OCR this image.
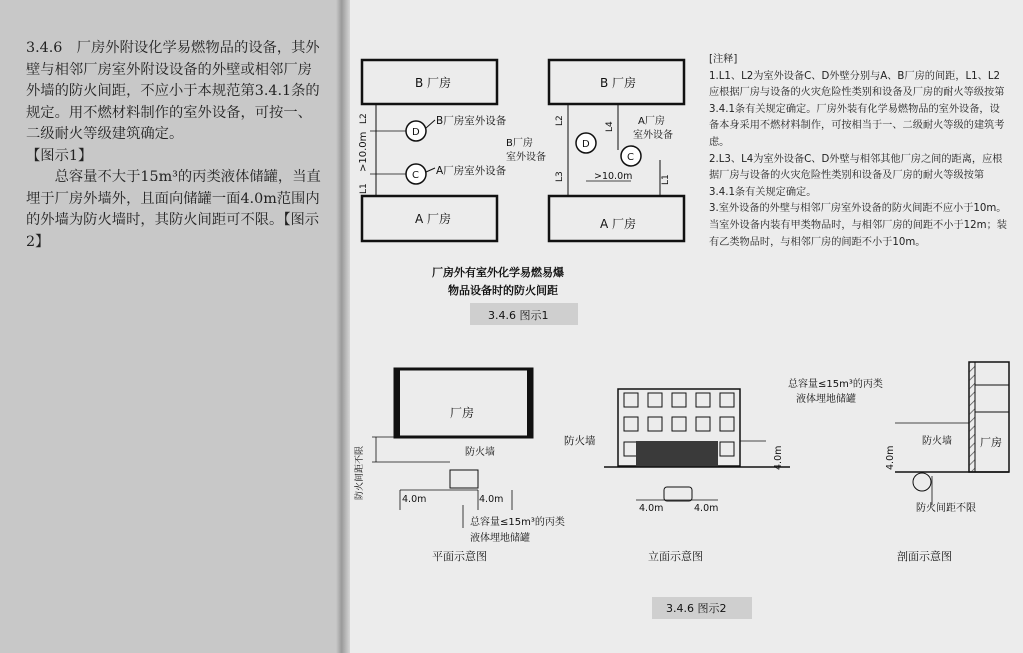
3.4.6　厂房外附设化学易燃物品的设备，其外壁与相邻厂房室外附设设备的外壁或相邻厂房外墙的防火间距，不应小于本规范第3.4.1条的规定。用不燃材料制作的室外设备，可按一、二级耐火等级建筑确定。

【图示1】

总容量不大于15m³的丙类液体储罐，当直埋于厂房外墙外，且面向储罐一面4.0m范围内的外墙为防火墙时，其防火间距可不限。【图示2】

B 厂房
A 厂房
L2
>10.0m
L1
D
C
B厂房室外设备
A厂房室外设备
B 厂房
A 厂房
L2
L4
L3	L1
D
C
>10.0m
B厂房
室外设备
A厂房
室外设备
厂房外有室外化学易燃易爆
物品设备时的防火间距
3.4.6 图示1
厂房
防火间距不限	4.0m	4.0m
防火墙
总容量≤15m³的丙类
液体埋地储罐
平面示意图
防火墙
4.0m
4.0m	4.0m
立面示意图
厂房
防火墙
4.0m
总容量≤15m³的丙类
液体埋地储罐
防火间距不限
剖面示意图
3.4.6 图示2

[注释]

1.L1、L2为室外设备C、D外壁分别与A、B厂房的间距，L1、L2应根据厂房与设备的火灾危险性类别和设备及厂房的耐火等级按第3.4.1条有关规定确定。厂房外装有化学易燃物品的室外设备，设备本身采用不燃材料制作，可按相当于一、二级耐火等级的建筑考虑。

2.L3、L4为室外设备C、D外壁与相邻其他厂房之间的距离，应根据厂房与设备的火灾危险性类别和设备及厂房的耐火等级按第3.4.1条有关规定确定。

3.室外设备的外壁与相邻厂房室外设备的防火间距不应小于10m。当室外设备内装有甲类物品时，与相邻厂房的间距不小于12m；装有乙类物品时，与相邻厂房的间距不小于10m。
